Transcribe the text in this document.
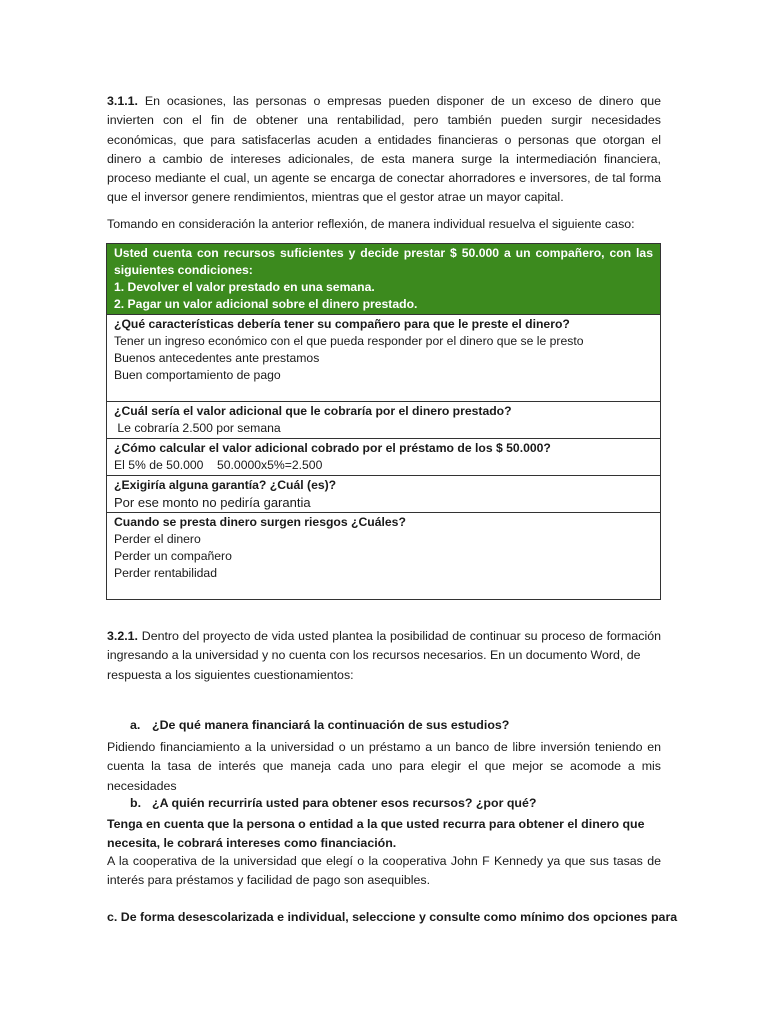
3.1.1. En ocasiones, las personas o empresas pueden disponer de un exceso de dinero que invierten con el fin de obtener una rentabilidad, pero también pueden surgir necesidades económicas, que para satisfacerlas acuden a entidades financieras o personas que otorgan el dinero a cambio de intereses adicionales, de esta manera surge la intermediación financiera, proceso mediante el cual, un agente se encarga de conectar ahorradores e inversores, de tal forma que el inversor genere rendimientos, mientras que el gestor atrae un mayor capital.
Tomando en consideración la anterior reflexión, de manera individual resuelva el siguiente caso:
Usted cuenta con recursos suficientes y decide prestar $ 50.000 a un compañero, con las siguientes condiciones:
1. Devolver el valor prestado en una semana.
2. Pagar un valor adicional sobre el dinero prestado.

¿Qué características debería tener su compañero para que le preste el dinero?
Tener un ingreso económico con el que pueda responder por el dinero que se le presto
Buenos antecedentes ante prestamos
Buen comportamiento de pago

¿Cuál sería el valor adicional que le cobraría por el dinero prestado?
Le cobraría 2.500 por semana

¿Cómo calcular el valor adicional cobrado por el préstamo de los $ 50.000?
El 5% de 50.000    50.0000x5%=2.500

¿Exigiría alguna garantía? ¿Cuál (es)?
Por ese monto no pediría garantia

Cuando se presta dinero surgen riesgos ¿Cuáles?
Perder el dinero
Perder un compañero
Perder rentabilidad
3.2.1. Dentro del proyecto de vida usted plantea la posibilidad de continuar su proceso de formación
ingresando a la universidad y no cuenta con los recursos necesarios. En un documento Word, de respuesta a los siguientes cuestionamientos:
a. ¿De qué manera financiará la continuación de sus estudios?
Pidiendo financiamiento a la universidad o un préstamo a un banco de libre inversión teniendo en cuenta la tasa de interés que maneja cada uno para elegir el que mejor se acomode a mis necesidades
b. ¿A quién recurriría usted para obtener esos recursos? ¿por qué?
Tenga en cuenta que la persona o entidad a la que usted recurra para obtener el dinero que necesita, le cobrará intereses como financiación.
A la cooperativa de la universidad que elegí o la cooperativa John F Kennedy ya que sus tasas de interés para préstamos y facilidad de pago son asequibles.
c. De forma desescolarizada e individual, seleccione y consulte como mínimo dos opciones para
